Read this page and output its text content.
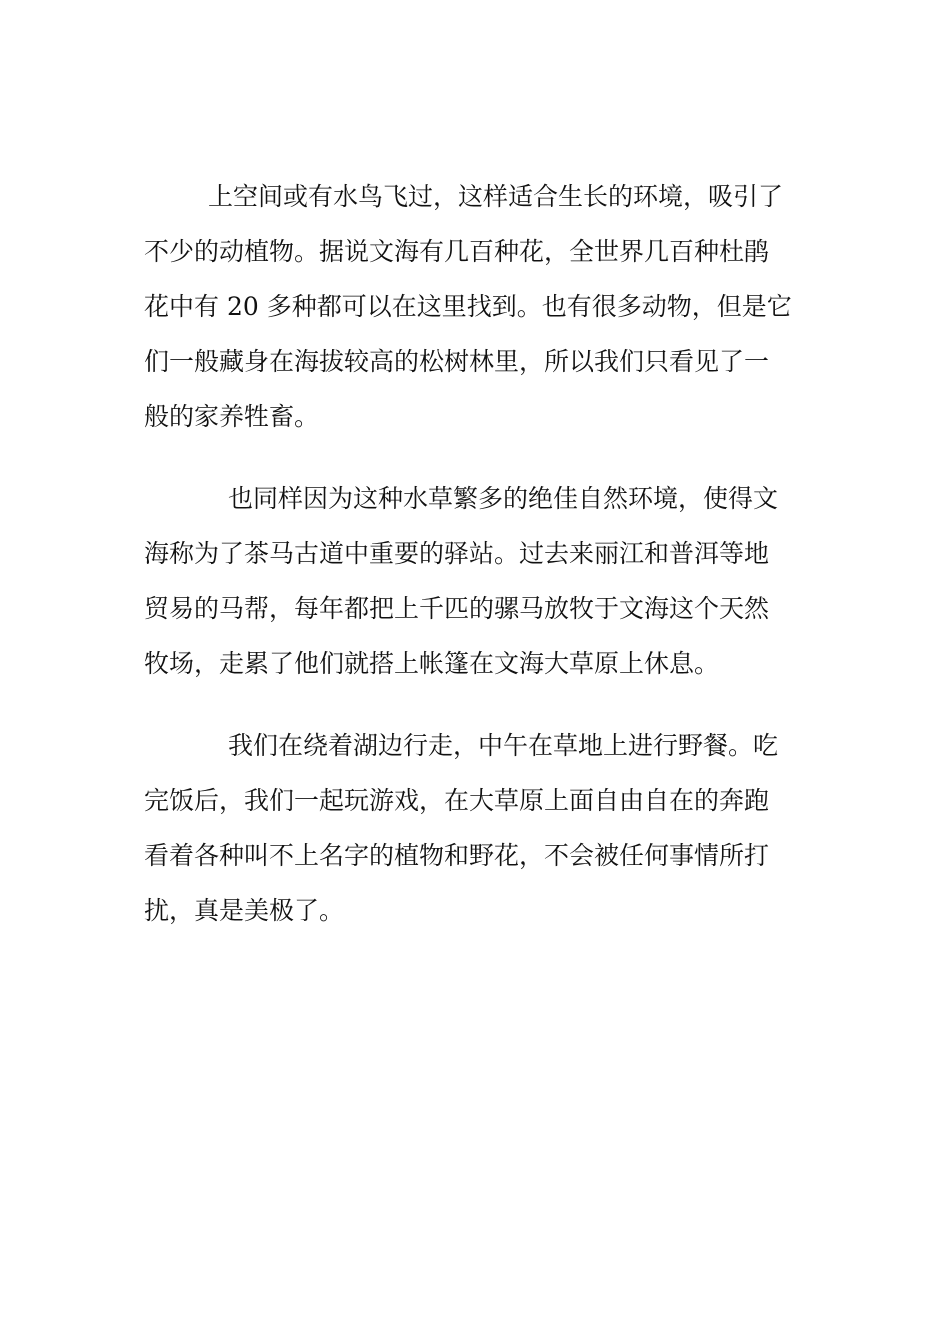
上空间或有水鸟飞过，这样适合生长的环境，吸引了
不少的动植物。据说文海有几百种花，全世界几百种杜鹃
花中有 20 多种都可以在这里找到。也有很多动物，但是它
们一般藏身在海拔较高的松树林里，所以我们只看见了一
般的家养牲畜。
也同样因为这种水草繁多的绝佳自然环境，使得文
海称为了茶马古道中重要的驿站。过去来丽江和普洱等地
贸易的马帮，每年都把上千匹的骡马放牧于文海这个天然
牧场，走累了他们就搭上帐篷在文海大草原上休息。
我们在绕着湖边行走，中午在草地上进行野餐。吃
完饭后，我们一起玩游戏，在大草原上面自由自在的奔跑
看着各种叫不上名字的植物和野花，不会被任何事情所打
扰，真是美极了。
